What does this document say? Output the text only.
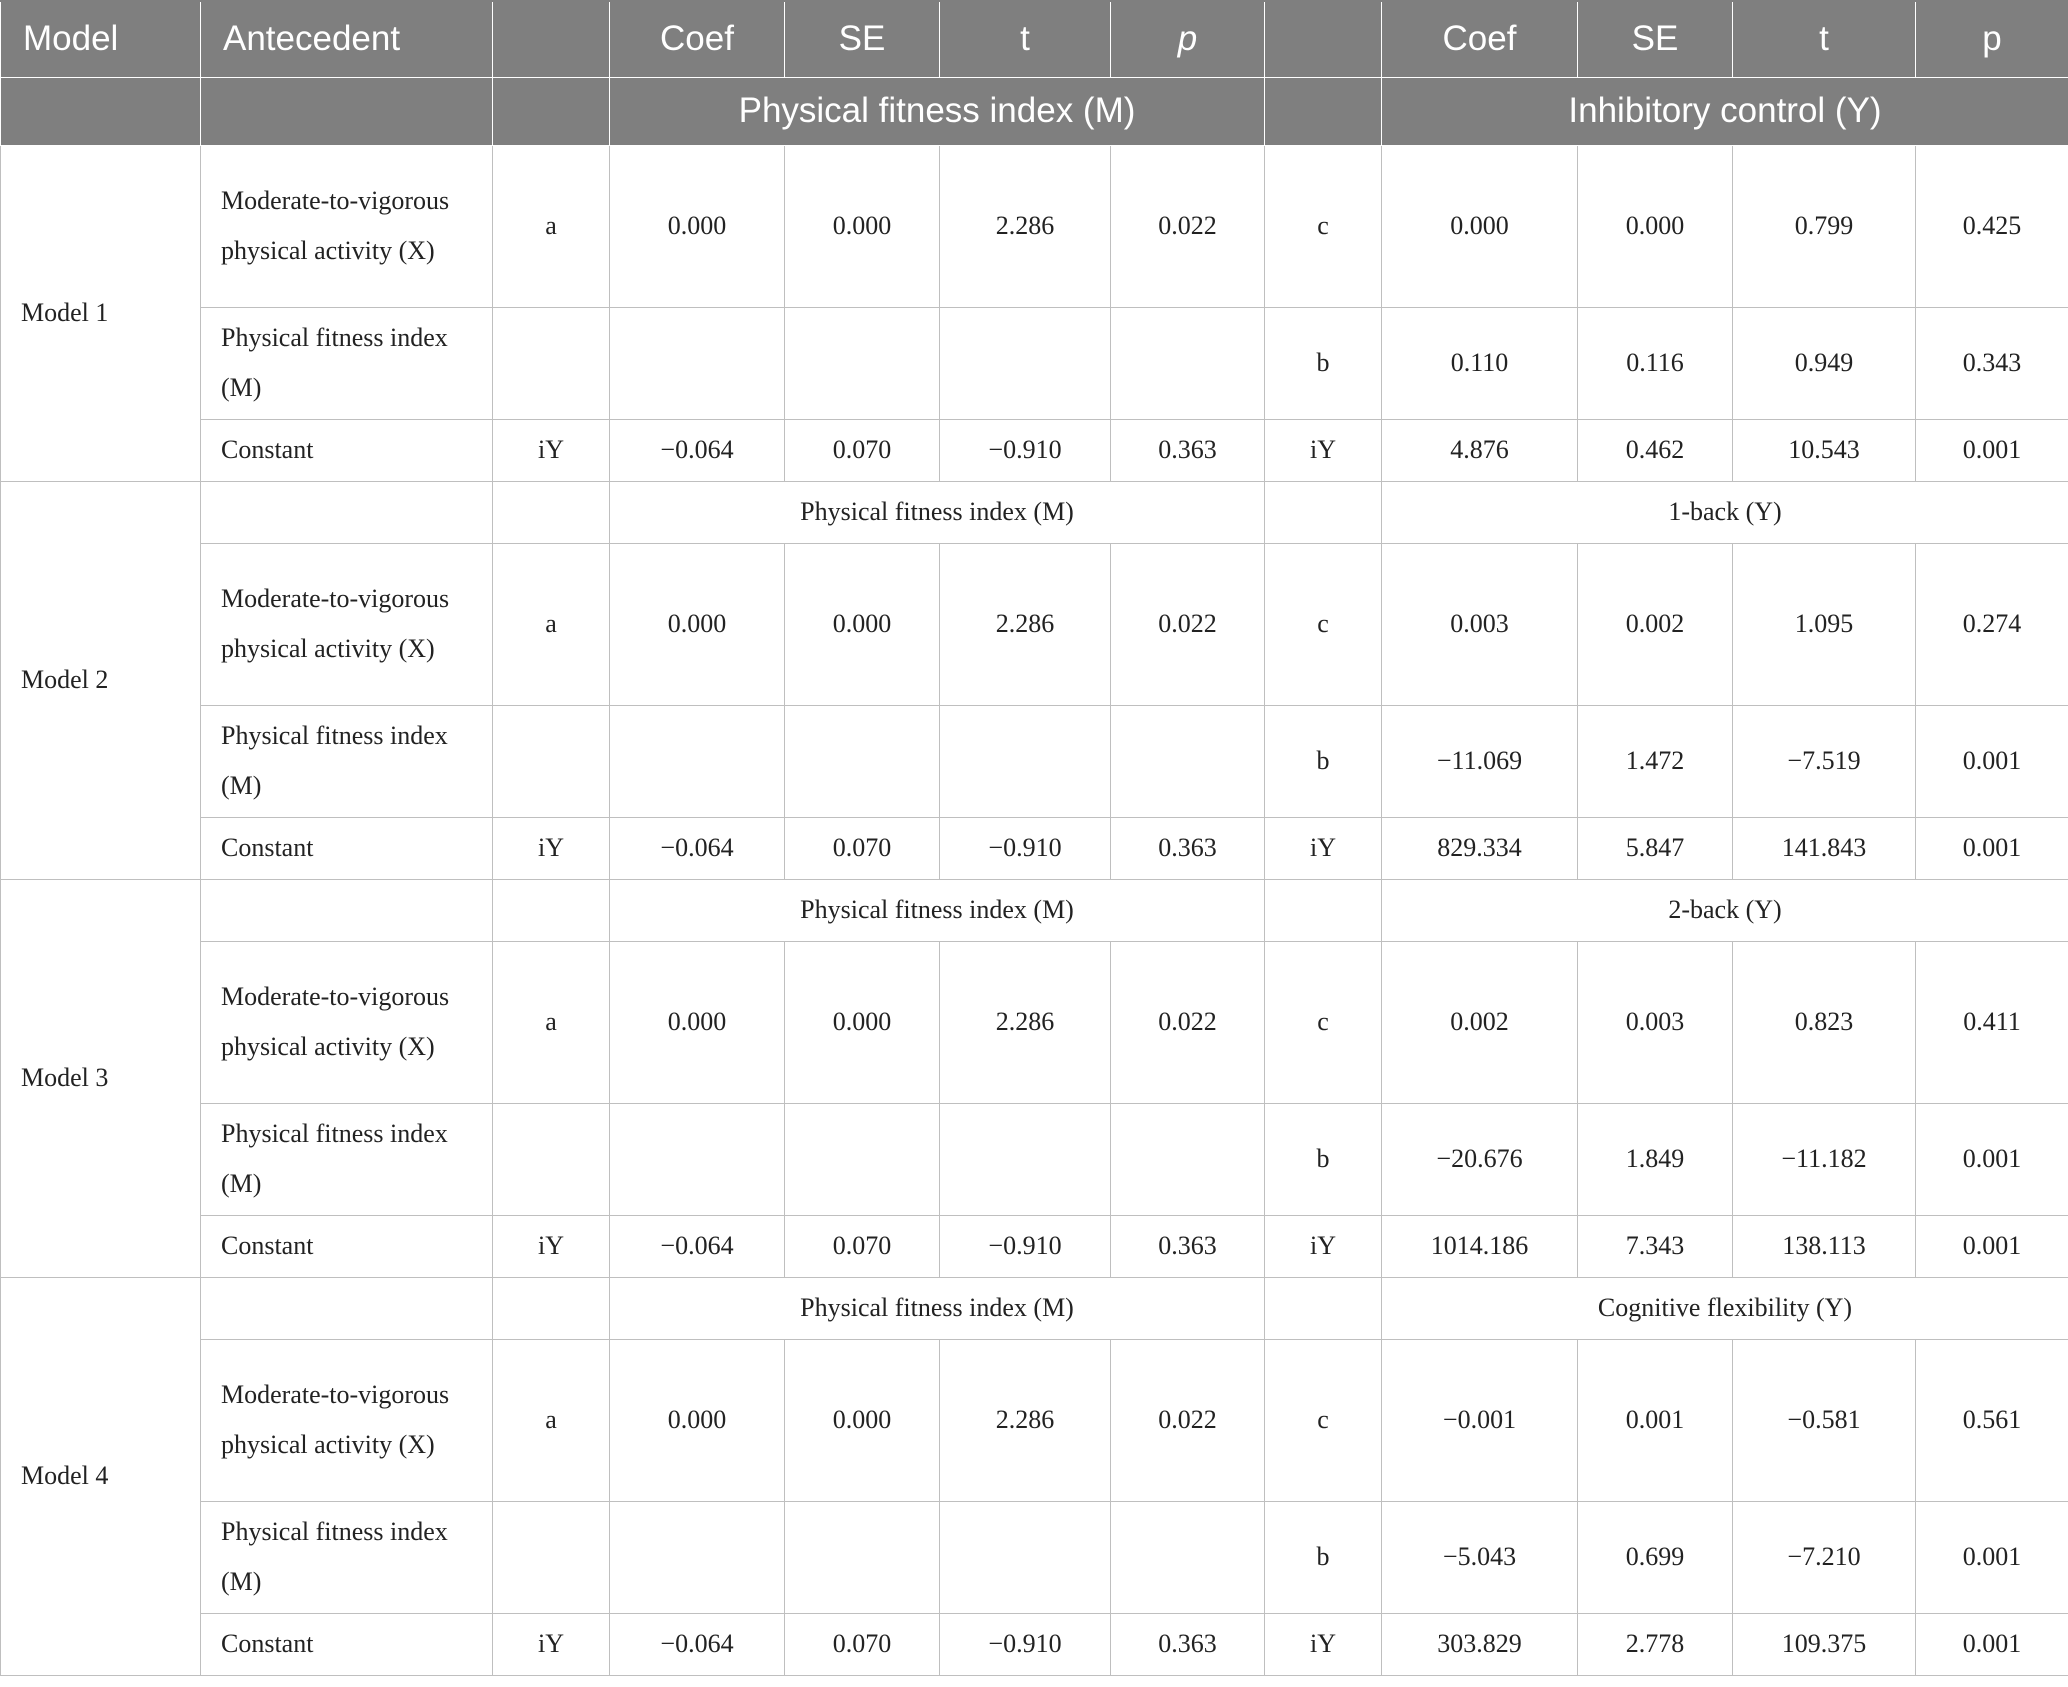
Model	Antecedent		Coef	SE	t	p		Coef	SE	t	p
			Physical fitness index (M)					Inhibitory control (Y)			
Model 1	Moderate-to-vigorous physical activity (X)	a	0.000	0.000	2.286	0.022	c	0.000	0.000	0.799	0.425
	Physical fitness index (M)						b	0.110	0.116	0.949	0.343
	Constant	iY	−0.064	0.070	−0.910	0.363	iY	4.876	0.462	10.543	0.001
Model 2			Physical fitness index (M)					1-back (Y)			
	Moderate-to-vigorous physical activity (X)	a	0.000	0.000	2.286	0.022	c	0.003	0.002	1.095	0.274
	Physical fitness index (M)						b	−11.069	1.472	−7.519	0.001
	Constant	iY	−0.064	0.070	−0.910	0.363	iY	829.334	5.847	141.843	0.001
Model 3			Physical fitness index (M)					2-back (Y)			
	Moderate-to-vigorous physical activity (X)	a	0.000	0.000	2.286	0.022	c	0.002	0.003	0.823	0.411
	Physical fitness index (M)						b	−20.676	1.849	−11.182	0.001
	Constant	iY	−0.064	0.070	−0.910	0.363	iY	1014.186	7.343	138.113	0.001
Model 4			Physical fitness index (M)					Cognitive flexibility (Y)			
	Moderate-to-vigorous physical activity (X)	a	0.000	0.000	2.286	0.022	c	−0.001	0.001	−0.581	0.561
	Physical fitness index (M)						b	−5.043	0.699	−7.210	0.001
	Constant	iY	−0.064	0.070	−0.910	0.363	iY	303.829	2.778	109.375	0.001
